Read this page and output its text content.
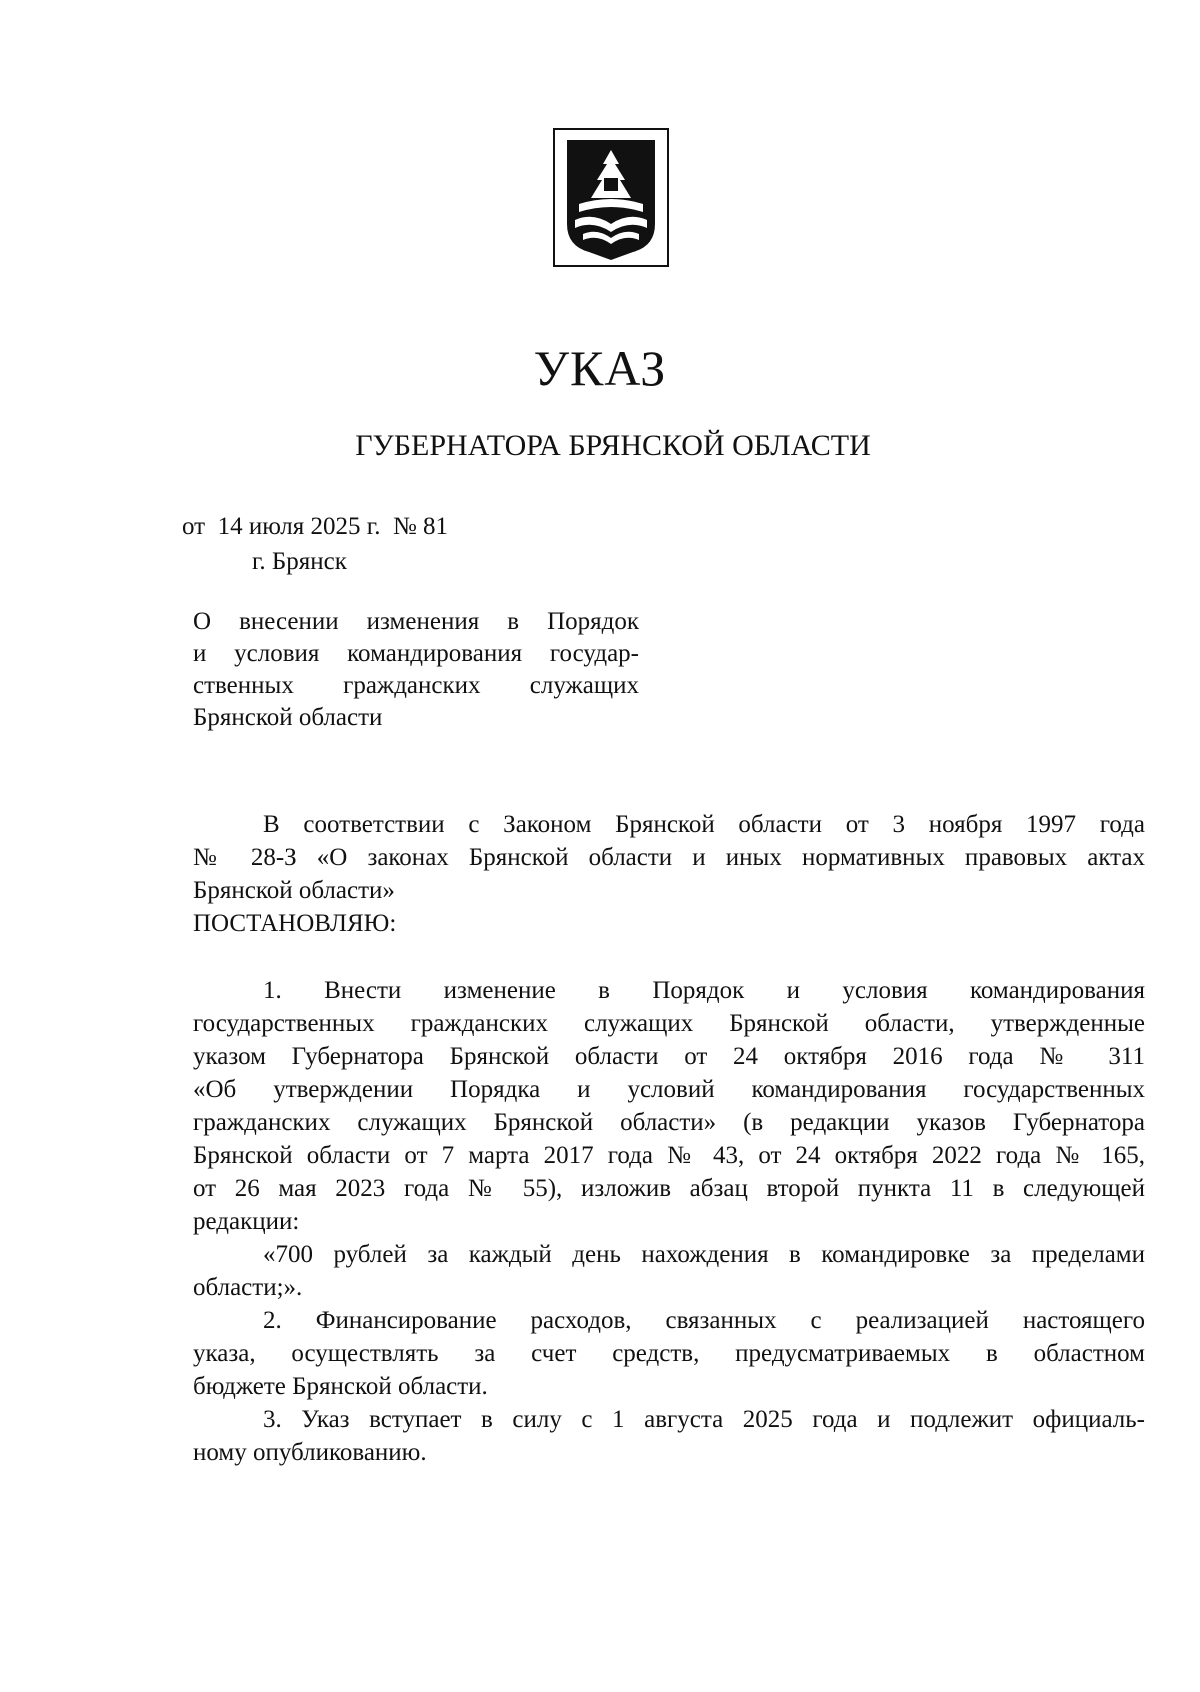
УКАЗ
ГУБЕРНАТОРА БРЯНСКОЙ ОБЛАСТИ
от  14 июля 2025 г.  № 81
г. Брянск
О внесении изменения в Порядок
и условия командирования государ-
ственных гражданских служащих
Брянской области
В соответствии с Законом Брянской области от 3 ноября 1997 года
№ 28-З «О законах Брянской области и иных нормативных правовых актах
Брянской области»
ПОСТАНОВЛЯЮ:
1. Внести изменение в Порядок и условия командирования
государственных гражданских служащих Брянской области, утвержденные
указом Губернатора Брянской области от 24 октября 2016 года № 311
«Об утверждении Порядка и условий командирования государственных
гражданских служащих Брянской области» (в редакции указов Губернатора
Брянской области от 7 марта 2017 года № 43, от 24 октября 2022 года № 165,
от 26 мая 2023 года № 55), изложив абзац второй пункта 11 в следующей
редакции:
«700 рублей за каждый день нахождения в командировке за пределами
области;».
2. Финансирование расходов, связанных с реализацией настоящего
указа, осуществлять за счет средств, предусматриваемых в областном
бюджете Брянской области.
3. Указ вступает в силу с 1 августа 2025 года и подлежит официаль-
ному опубликованию.
